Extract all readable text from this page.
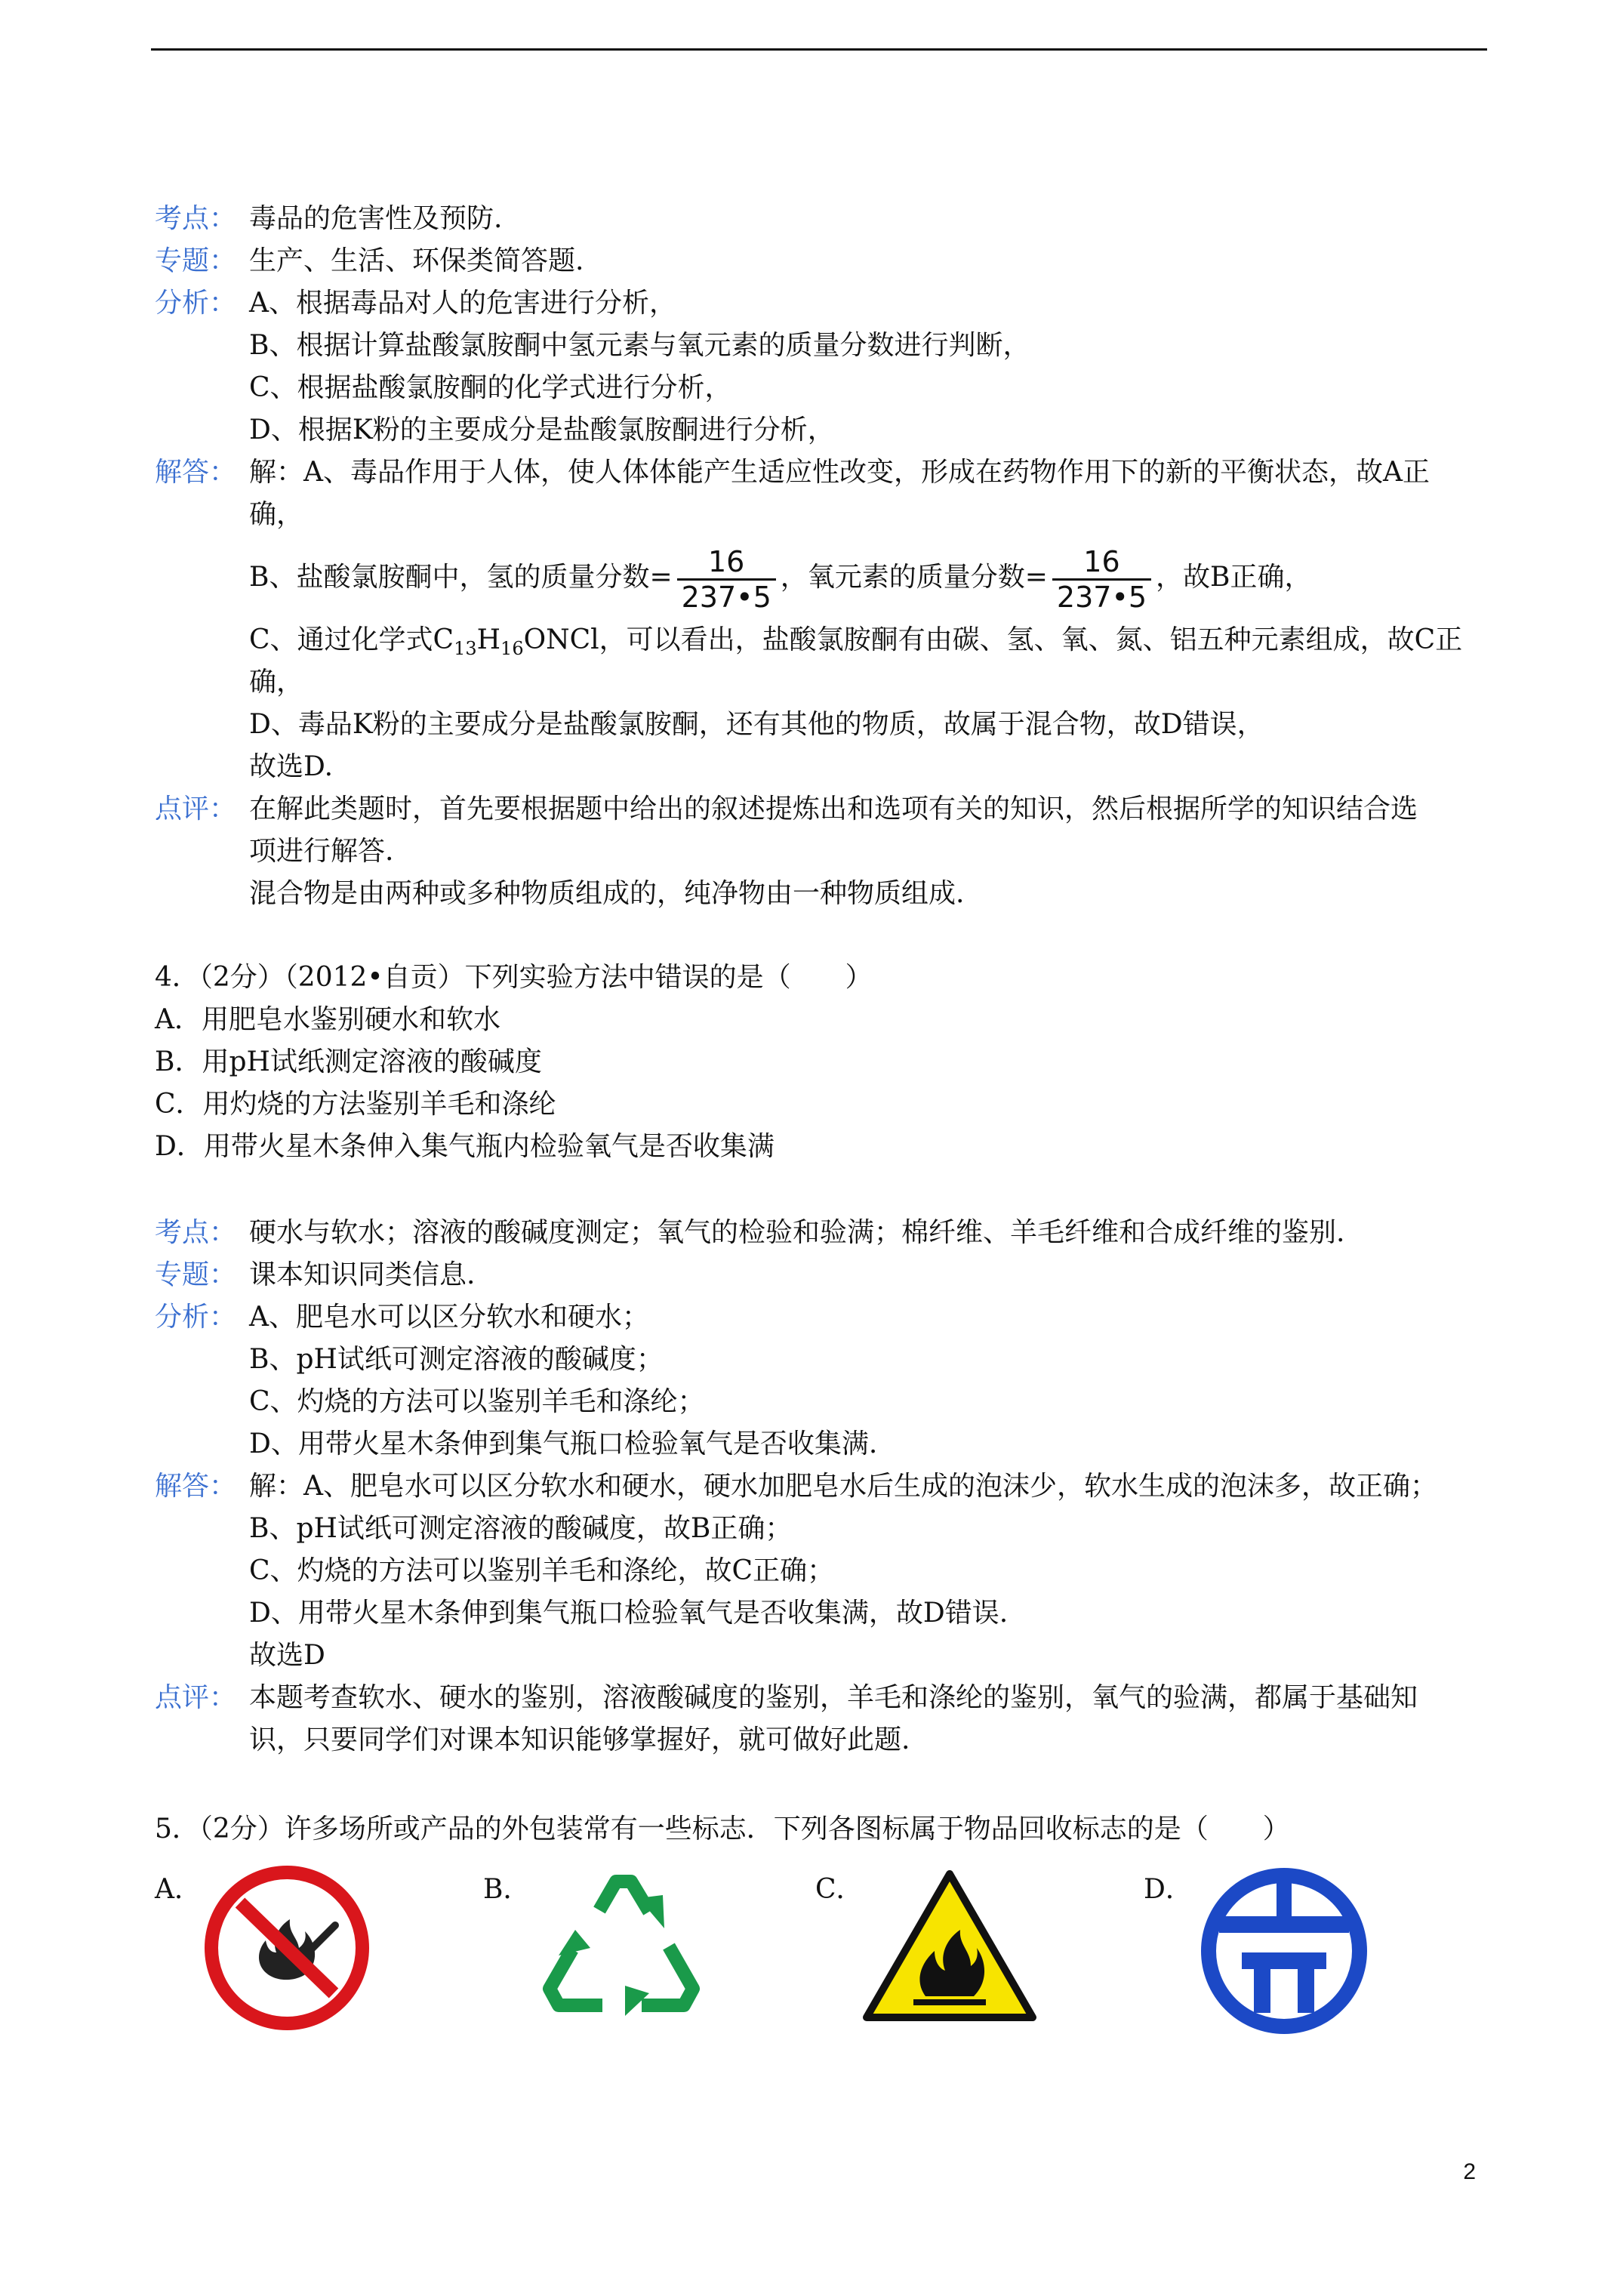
考点： 毒品的危害性及预防.
专题： 生产、生活、环保类简答题.
分析： A、根据毒品对人的危害进行分析，
B、根据计算盐酸氯胺酮中氢元素与氧元素的质量分数进行判断，
C、根据盐酸氯胺酮的化学式进行分析，
D、根据K粉的主要成分是盐酸氯胺酮进行分析，
解答： 解：A、毒品作用于人体，使人体体能产生适应性改变，形成在药物作用下的新的平衡状态，故A正
确，
B、盐酸氯胺酮中，氢的质量分数= $\frac{16}{237•5}$ ，氧元素的质量分数= $\frac{16}{237•5}$ ，故B正确，
C、通过化学式$C_{13}H_{16}ONCl$，可以看出，盐酸氯胺酮有由碳、氢、氧、氮、铝五种元素组成，故C正
确，
D、毒品K粉的主要成分是盐酸氯胺酮，还有其他的物质，故属于混合物，故D错误，
故选D.
点评： 在解此类题时，首先要根据题中给出的叙述提炼出和选项有关的知识，然后根据所学的知识结合选
项进行解答.
混合物是由两种或多种物质组成的，纯净物由一种物质组成.
4．（2分）（2012•自贡）下列实验方法中错误的是（　　）
A．用肥皂水鉴别硬水和软水
B．用pH试纸测定溶液的酸碱度
C．用灼烧的方法鉴别羊毛和涤纶
D．用带火星木条伸入集气瓶内检验氧气是否收集满
考点： 硬水与软水；溶液的酸碱度测定；氧气的检验和验满；棉纤维、羊毛纤维和合成纤维的鉴别.
专题： 课本知识同类信息.
分析： A、肥皂水可以区分软水和硬水；
B、pH试纸可测定溶液的酸碱度；
C、灼烧的方法可以鉴别羊毛和涤纶；
D、用带火星木条伸到集气瓶口检验氧气是否收集满.
解答： 解：A、肥皂水可以区分软水和硬水，硬水加肥皂水后生成的泡沫少，软水生成的泡沫多，故正确；
B、pH试纸可测定溶液的酸碱度，故B正确；
C、灼烧的方法可以鉴别羊毛和涤纶，故C正确；
D、用带火星木条伸到集气瓶口检验氧气是否收集满，故D错误.
故选D
点评： 本题考查软水、硬水的鉴别，溶液酸碱度的鉴别，羊毛和涤纶的鉴别，氧气的验满，都属于基础知
识，只要同学们对课本知识能够掌握好，就可做好此题.
5．（2分）许多场所或产品的外包装常有一些标志．下列各图标属于物品回收标志的是（　　）
A．	B．	C．	D．
2
